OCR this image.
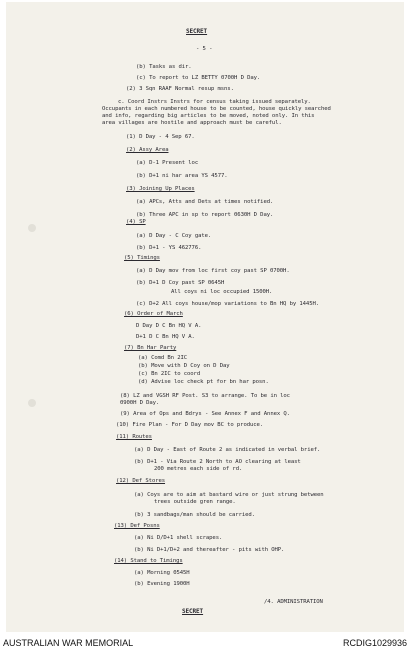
SECRET
- 5 -
(b) Tasks as dir.
(c) To report to LZ BETTY 0700H D Day.
(2) 3 Sqn RAAF Normal resup msns.
c. Coord Instrs Instrs for census taking issued separately.
Occupants in each numbered house to be counted, house quickly searched
and info, regarding big articles to be moved, noted only. In this
area villages are hostile and approach must be careful.
(1) D Day - 4 Sep 67.
(2) Assy Area
(a) D-1 Present loc
(b) D+1 ni har area YS 4577.
(3) Joining Up Places
(a) APCs, Atts and Dets at times notified.
(b) Three APC in sp to report 0630H D Day.
(4) SP
(a) D Day - C Coy gate.
(b) D+1 - YS 462776.
(5) Timings
(a) D Day mov from loc first coy past SP 0700H.
(b) D+1 D Coy past SP 0645H
All coys ni loc occupied 1500H.
(c) D+2 All coys house/mop variations to Bn HQ by 1445H.
(6) Order of March
D Day D C Bn HQ V A.
D+1 D C Bn HQ V A.
(7) Bn Har Party
(a) Comd Bn 2IC
(b) Move with D Coy on D Day
(c) Bn 2IC to coord
(d) Advise loc check pt for bn har posn.
(8) LZ and VGSH RF Post. S3 to arrange. To be in loc
0900H D Day.
(9) Area of Ops and Bdrys - See Annex F and Annex Q.
(10) Fire Plan - For D Day mov BC to produce.
(11) Routes
(a) D Day - East of Route 2 as indicated in verbal brief.
(b) D+1 - Via Route 2 North to AO clearing at least
200 metres each side of rd.
(12) Def Stores
(a) Coys are to aim at bastard wire or just strung between
trees outside gren range.
(b) 3 sandbags/man should be carried.
(13) Def Posns
(a) Ni D/D+1 shell scrapes.
(b) Ni D+1/D+2 and thereafter - pits with OHP.
(14) Stand to Timings
(a) Morning 0545H
(b) Evening 1900H
/4. ADMINISTRATION
SECRET
AUSTRALIAN WAR MEMORIAL	RCDIG1029936
